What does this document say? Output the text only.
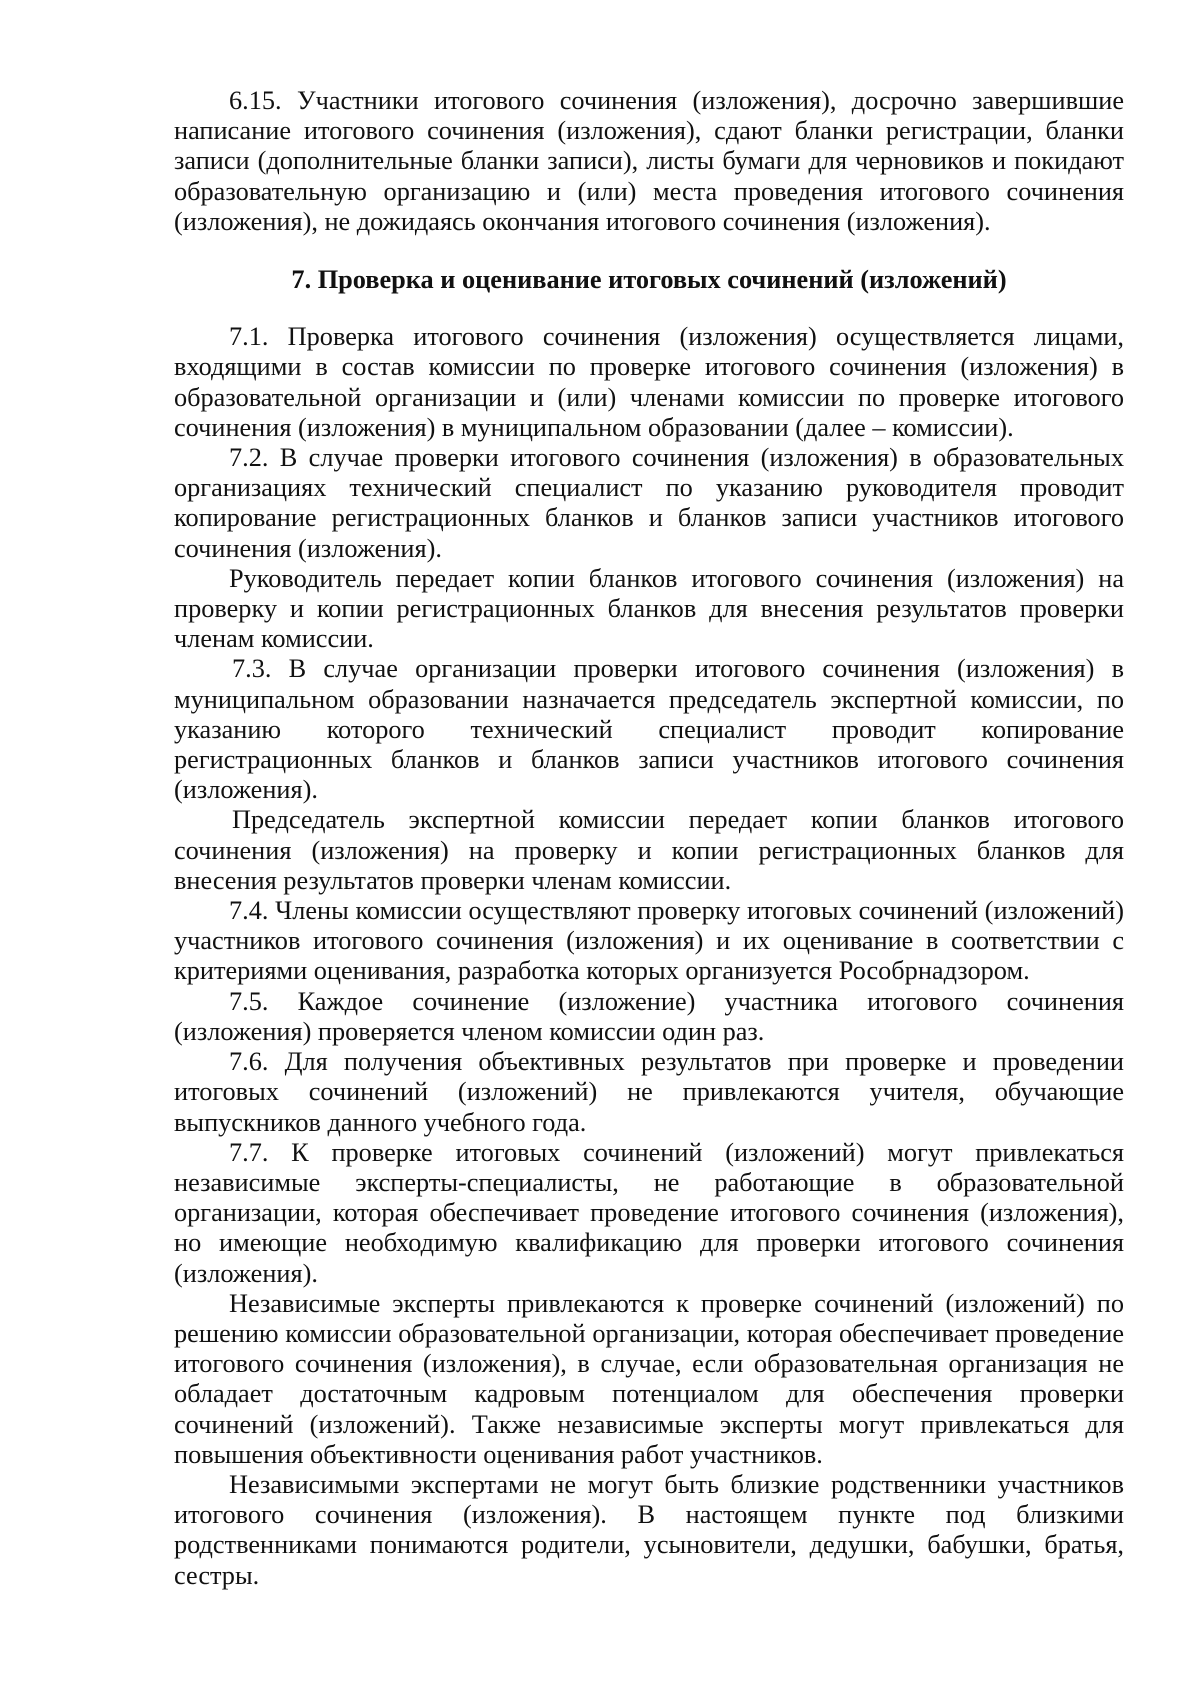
6.15. Участники итогового сочинения (изложения), досрочно завершившие написание итогового сочинения (изложения), сдают бланки регистрации, бланки записи (дополнительные бланки записи), листы бумаги для черновиков и покидают образовательную организацию и (или) места проведения итогового сочинения (изложения), не дожидаясь окончания итогового сочинения (изложения).

7. Проверка и оценивание итоговых сочинений (изложений)

7.1. Проверка итогового сочинения (изложения) осуществляется лицами, входящими в состав комиссии по проверке итогового сочинения (изложения) в образовательной организации и (или) членами комиссии по проверке итогового сочинения (изложения) в муниципальном образовании (далее – комиссии).

7.2. В случае проверки итогового сочинения (изложения) в образовательных организациях технический специалист по указанию руководителя проводит копирование регистрационных бланков и бланков записи участников итогового сочинения (изложения).

Руководитель передает копии бланков итогового сочинения (изложения) на проверку и копии регистрационных бланков для внесения результатов проверки членам комиссии.

7.3. В случае организации проверки итогового сочинения (изложения) в муниципальном образовании назначается председатель экспертной комиссии, по указанию которого технический специалист проводит копирование регистрационных бланков и бланков записи участников итогового сочинения (изложения).

Председатель экспертной комиссии передает копии бланков итогового сочинения (изложения) на проверку и копии регистрационных бланков для внесения результатов проверки членам комиссии.

7.4. Члены комиссии осуществляют проверку итоговых сочинений (изложений) участников итогового сочинения (изложения) и их оценивание в соответствии с критериями оценивания, разработка которых организуется Рособрнадзором.

7.5. Каждое сочинение (изложение) участника итогового сочинения (изложения) проверяется членом комиссии один раз.

7.6. Для получения объективных результатов при проверке и проведении итоговых сочинений (изложений) не привлекаются учителя, обучающие выпускников данного учебного года.

7.7. К проверке итоговых сочинений (изложений) могут привлекаться независимые эксперты-специалисты, не работающие в образовательной организации, которая обеспечивает проведение итогового сочинения (изложения), но имеющие необходимую квалификацию для проверки итогового сочинения (изложения).

Независимые эксперты привлекаются к проверке сочинений (изложений) по решению комиссии образовательной организации, которая обеспечивает проведение итогового сочинения (изложения), в случае, если образовательная организация не обладает достаточным кадровым потенциалом для обеспечения проверки сочинений (изложений). Также независимые эксперты могут привлекаться для повышения объективности оценивания работ участников.

Независимыми экспертами не могут быть близкие родственники участников итогового сочинения (изложения). В настоящем пункте под близкими родственниками понимаются родители, усыновители, дедушки, бабушки, братья, сестры.
